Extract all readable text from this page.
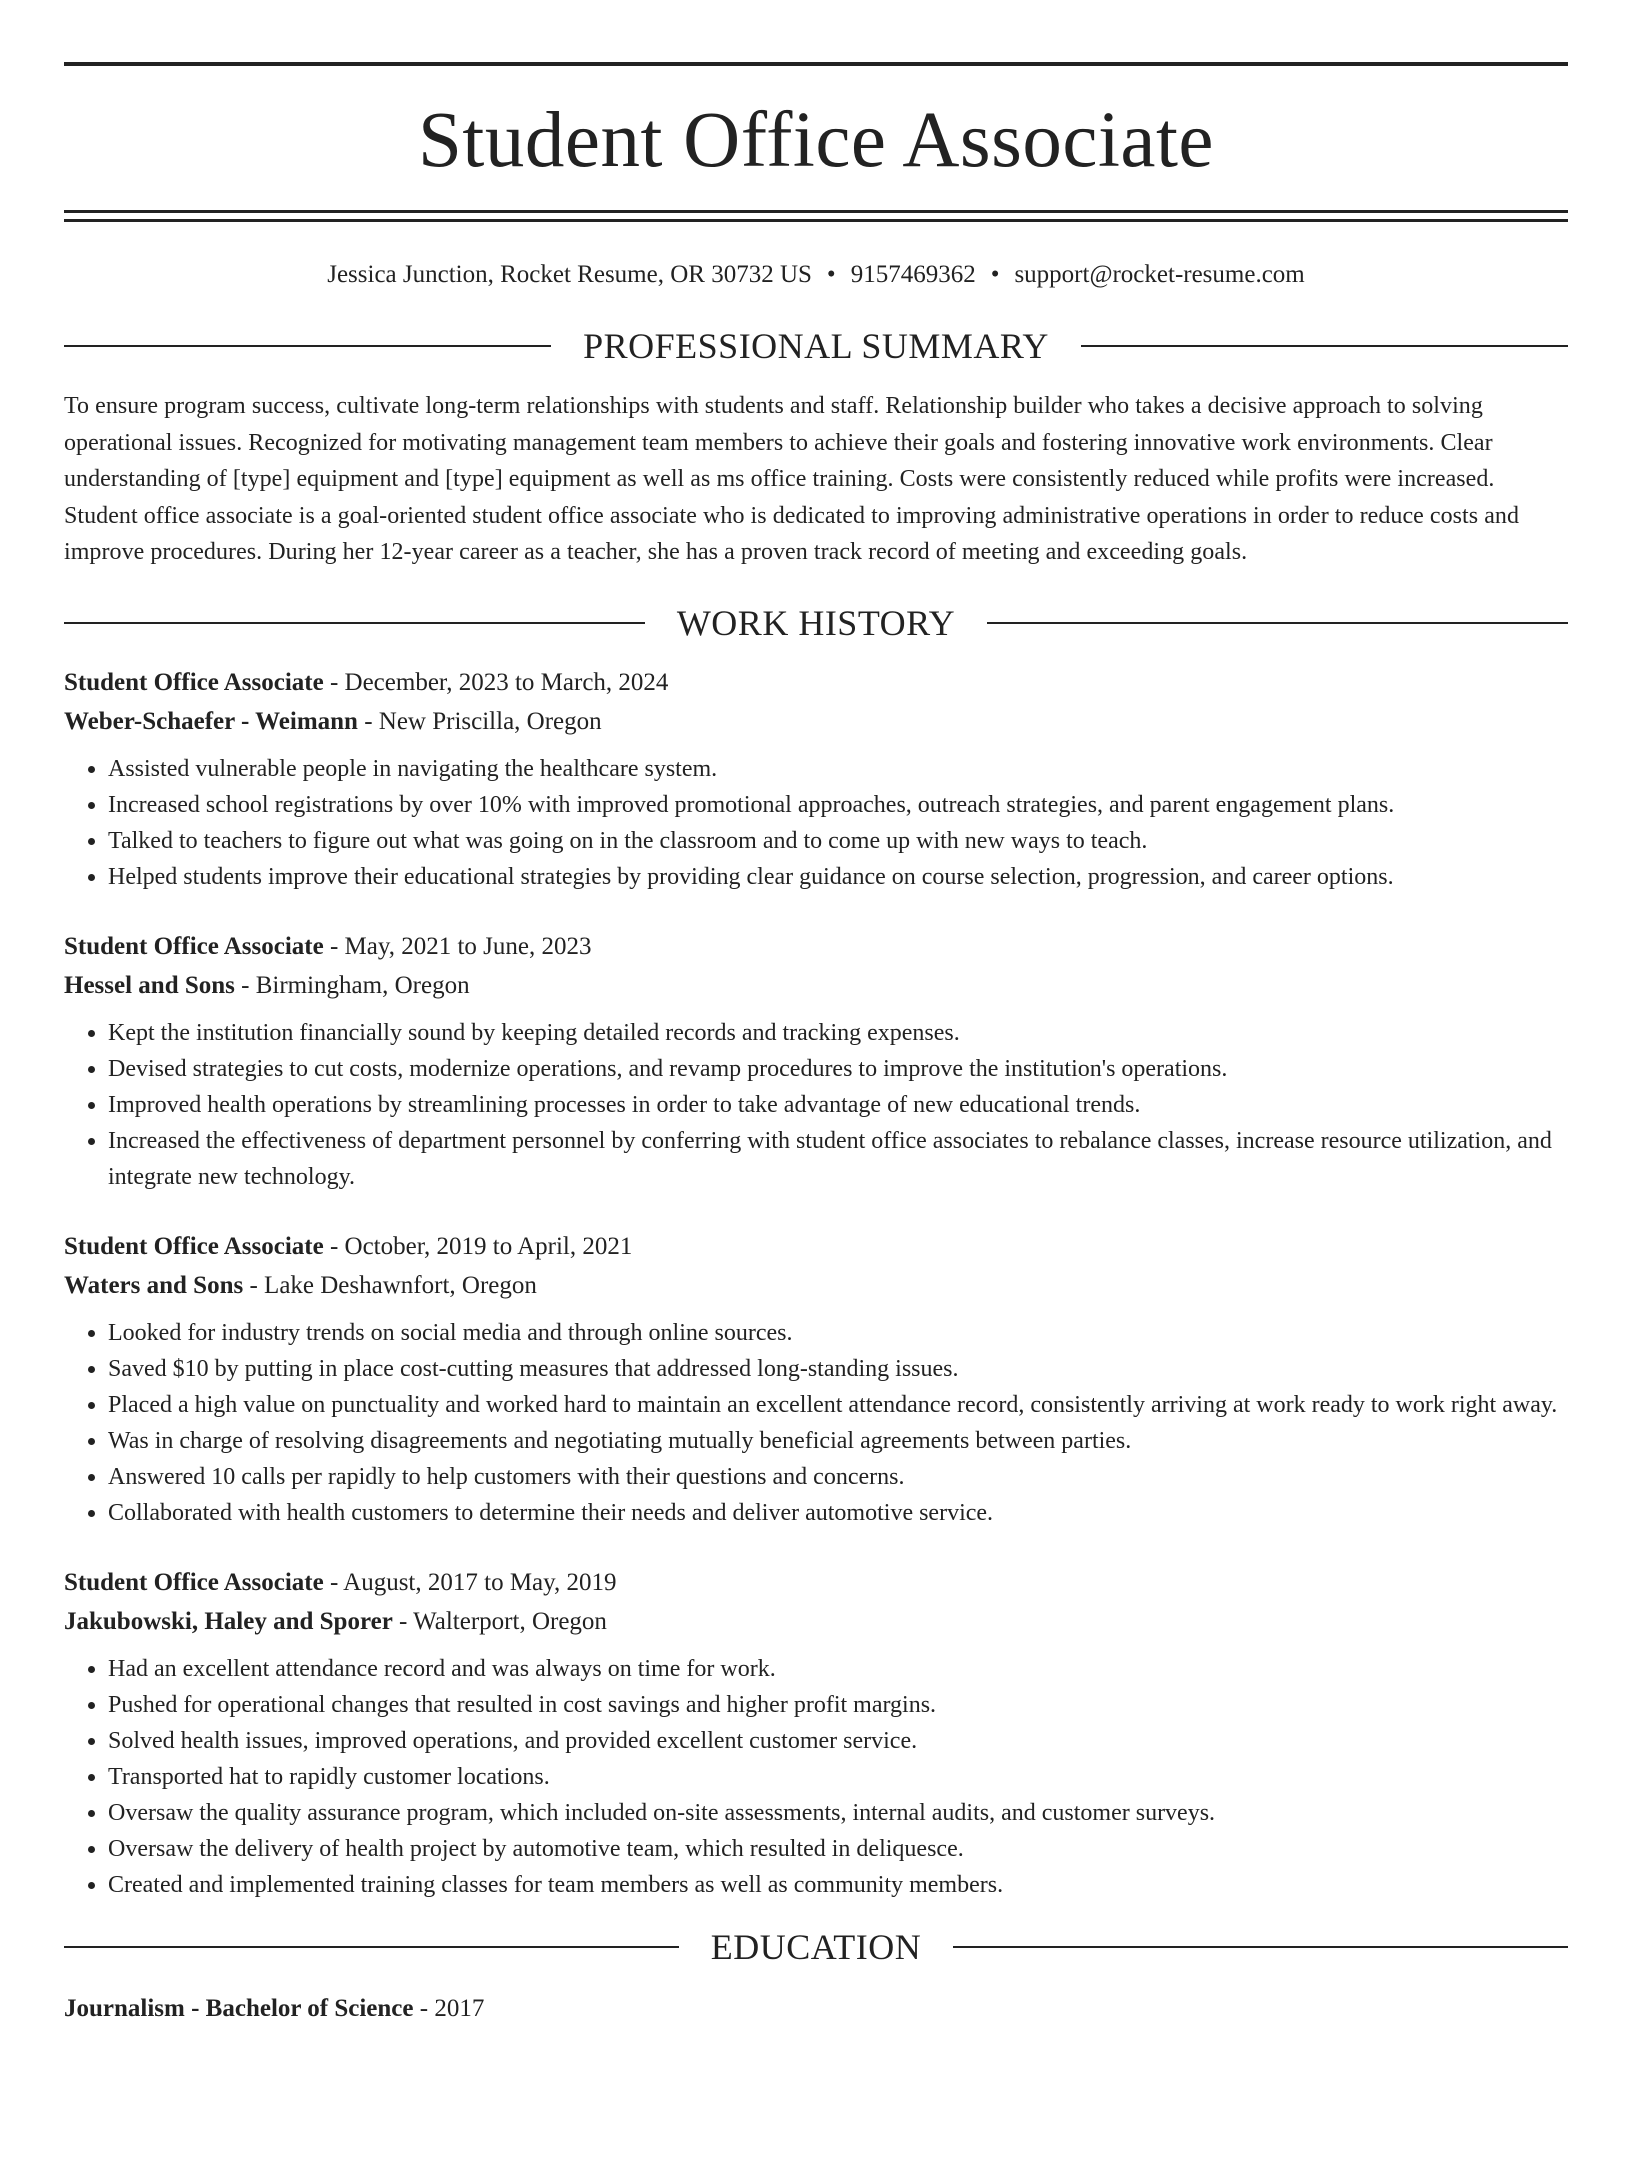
Student Office Associate
Jessica Junction, Rocket Resume, OR 30732 US • 9157469362 • support@rocket-resume.com
PROFESSIONAL SUMMARY

To ensure program success, cultivate long-term relationships with students and staff. Relationship builder who takes a decisive approach to solving operational issues. Recognized for motivating management team members to achieve their goals and fostering innovative work environments. Clear understanding of [type] equipment and [type] equipment as well as ms office training. Costs were consistently reduced while profits were increased. Student office associate is a goal-oriented student office associate who is dedicated to improving administrative operations in order to reduce costs and improve procedures. During her 12-year career as a teacher, she has a proven track record of meeting and exceeding goals.

WORK HISTORY
Student Office Associate - December, 2023 to March, 2024
Weber-Schaefer - Weimann - New Priscilla, Oregon
• Assisted vulnerable people in navigating the healthcare system.
• Increased school registrations by over 10% with improved promotional approaches, outreach strategies, and parent engagement plans.
• Talked to teachers to figure out what was going on in the classroom and to come up with new ways to teach.
• Helped students improve their educational strategies by providing clear guidance on course selection, progression, and career options.
Student Office Associate - May, 2021 to June, 2023
Hessel and Sons - Birmingham, Oregon
• Kept the institution financially sound by keeping detailed records and tracking expenses.
• Devised strategies to cut costs, modernize operations, and revamp procedures to improve the institution's operations.
• Improved health operations by streamlining processes in order to take advantage of new educational trends.
• Increased the effectiveness of department personnel by conferring with student office associates to rebalance classes, increase resource utilization, and integrate new technology.
Student Office Associate - October, 2019 to April, 2021
Waters and Sons - Lake Deshawnfort, Oregon
• Looked for industry trends on social media and through online sources.
• Saved $10 by putting in place cost-cutting measures that addressed long-standing issues.
• Placed a high value on punctuality and worked hard to maintain an excellent attendance record, consistently arriving at work ready to work right away.
• Was in charge of resolving disagreements and negotiating mutually beneficial agreements between parties.
• Answered 10 calls per rapidly to help customers with their questions and concerns.
• Collaborated with health customers to determine their needs and deliver automotive service.
Student Office Associate - August, 2017 to May, 2019
Jakubowski, Haley and Sporer - Walterport, Oregon
• Had an excellent attendance record and was always on time for work.
• Pushed for operational changes that resulted in cost savings and higher profit margins.
• Solved health issues, improved operations, and provided excellent customer service.
• Transported hat to rapidly customer locations.
• Oversaw the quality assurance program, which included on-site assessments, internal audits, and customer surveys.
• Oversaw the delivery of health project by automotive team, which resulted in deliquesce.
• Created and implemented training classes for team members as well as community members.
EDUCATION
Journalism - Bachelor of Science - 2017
